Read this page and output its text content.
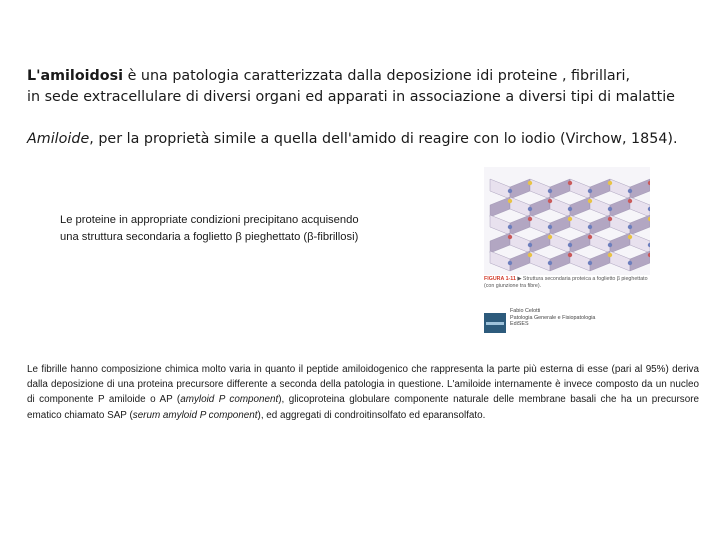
L'amiloidosi è una patologia caratterizzata dalla deposizione idi proteine , fibrillari,
in sede extracellulare di diversi organi ed apparati in associazione a diversi tipi di malattie
Amiloide, per la proprietà simile a quella dell'amido di reagire con lo iodio (Virchow, 1854).
Le proteine in appropriate condizioni precipitano acquisendo
una struttura secondaria a foglietto β pieghettato (β-fibrillosi)
FIGURA 1-11 ▶ Struttura secondaria proteica a foglietto β pieghettato (con giunzione tra fibre).
Fabio Celotti
Patologia Generale e Fisiopatologia
EdiSES
Le fibrille hanno composizione chimica molto varia in quanto il peptide amiloidogenico che rappresenta la parte più esterna di esse (pari al 95%) deriva dalla deposizione di una proteina precursore differente a seconda della patologia in questione. L'amiloide internamente è invece composto da un nucleo di componente P amiloide o AP (amyloid P component), glicoproteina globulare componente naturale delle membrane basali che ha un precursore ematico chiamato SAP (serum amyloid P component), ed aggregati di condroitinsolfato ed eparansolfato.
